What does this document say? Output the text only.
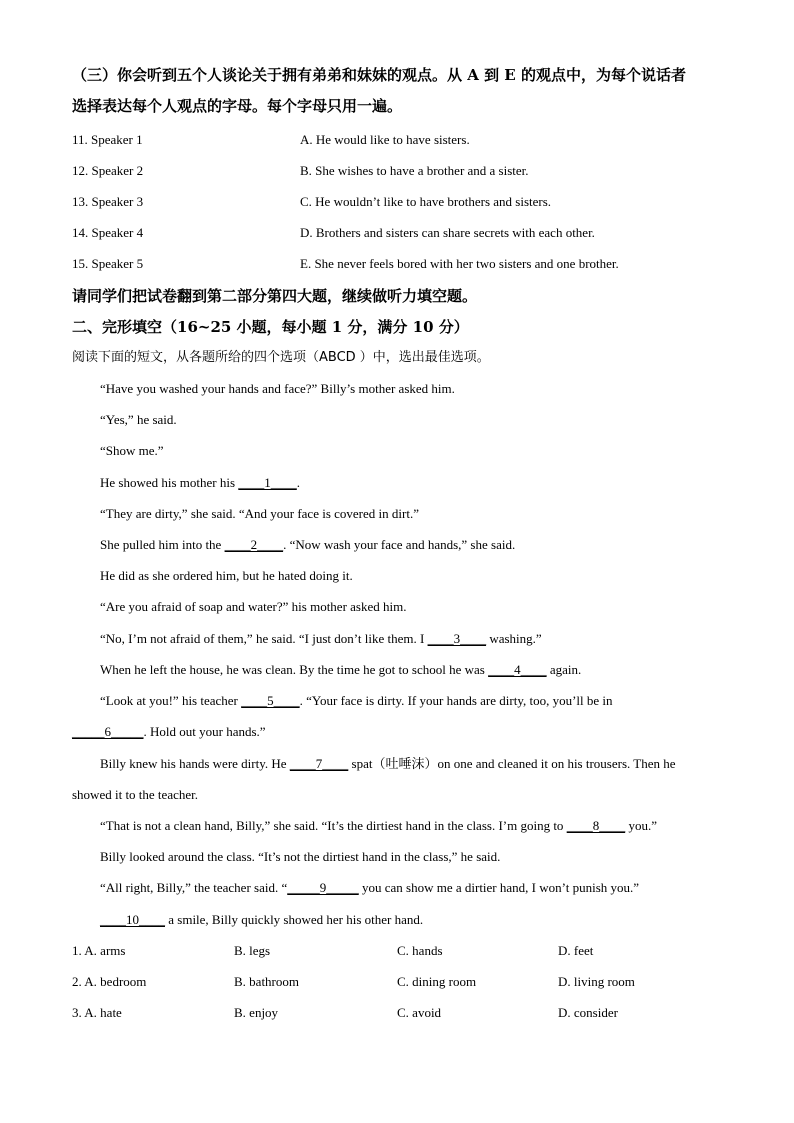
（三）你会听到五个人谈论关于拥有弟弟和妹妹的观点。从 A 到 E 的观点中，为每个说话者
选择表达每个人观点的字母。每个字母只用一遍。
11. Speaker 1	A. He would like to have sisters.
12. Speaker 2	B. She wishes to have a brother and a sister.
13. Speaker 3	C. He wouldn’t like to have brothers and sisters.
14. Speaker 4	D. Brothers and sisters can share secrets with each other.
15. Speaker 5	E. She never feels bored with her two sisters and one brother.
请同学们把试卷翻到第二部分第四大题，继续做听力填空题。
二、完形填空（16~25 小题，每小题 1 分，满分 10 分）
阅读下面的短文，从各题所给的四个选项（ABCD ）中，选出最佳选项。
“Have you washed your hands and face?” Billy’s mother asked him.
“Yes,” he said.
“Show me.”
He showed his mother his ____1____.
“They are dirty,” she said. “And your face is covered in dirt.”
She pulled him into the ____2____. “Now wash your face and hands,” she said.
He did as she ordered him, but he hated doing it.
“Are you afraid of soap and water?” his mother asked him.
“No, I’m not afraid of them,” he said. “I just don’t like them. I ____3____ washing.”
When he left the house, he was clean. By the time he got to school he was ____4____ again.
“Look at you!” his teacher ____5____. “Your face is dirty. If your hands are dirty, too, you’ll be in
_____6_____. Hold out your hands.”
Billy knew his hands were dirty. He ____7____ spat（吐唾沫）on one and cleaned it on his trousers. Then he
showed it to the teacher.
“That is not a clean hand, Billy,” she said. “It’s the dirtiest hand in the class. I’m going to ____8____ you.”
Billy looked around the class. “It’s not the dirtiest hand in the class,” he said.
“All right, Billy,” the teacher said. “_____9_____ you can show me a dirtier hand, I won’t punish you.”
____10____ a smile, Billy quickly showed her his other hand.
1. A. arms	B. legs	C. hands	D. feet
2. A. bedroom	B. bathroom	C. dining room	D. living room
3. A. hate	B. enjoy	C. avoid	D. consider
